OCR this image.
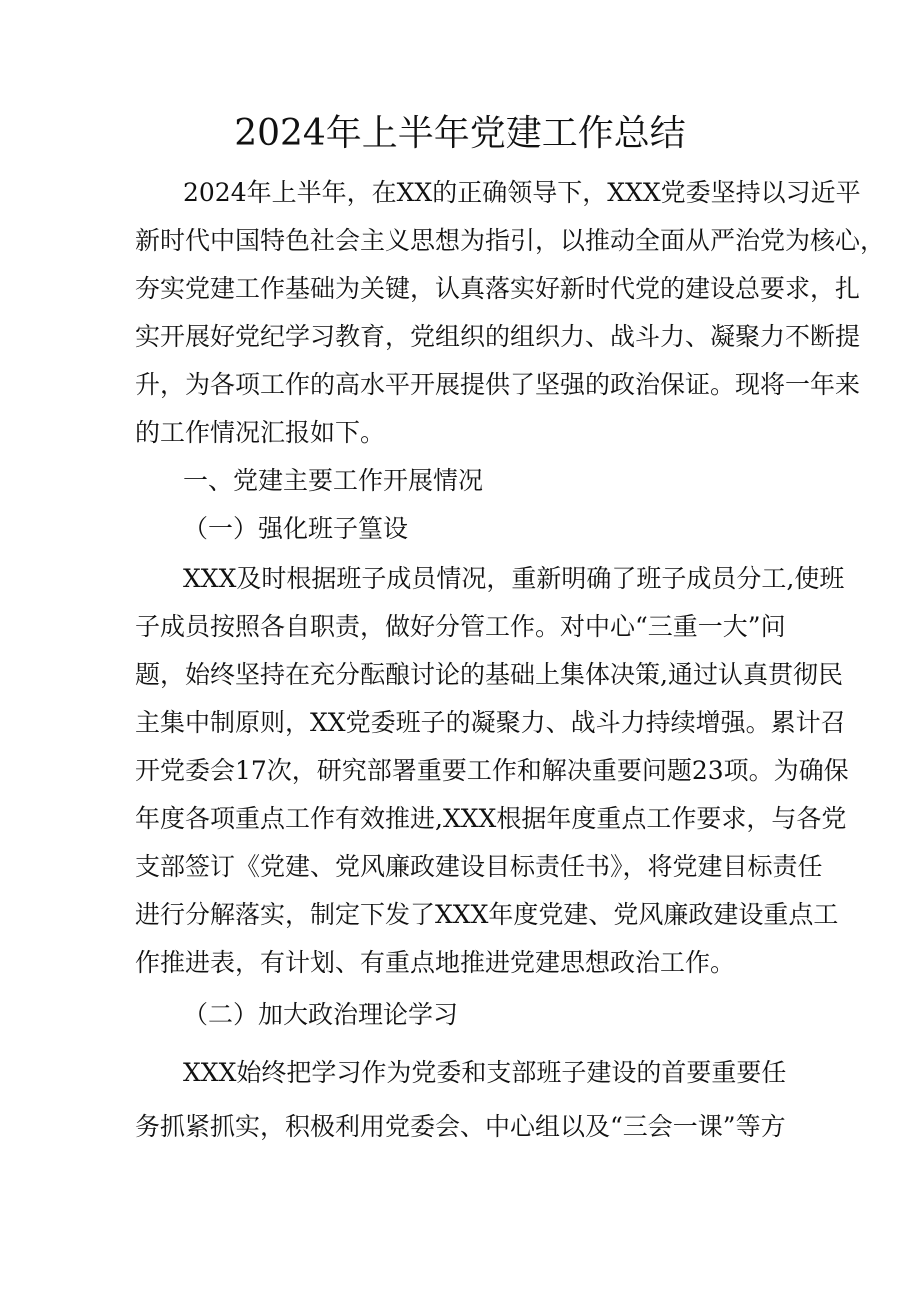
2024年上半年党建工作总结

2024年上半年，在XX的正确领导下，XXX党委坚持以习近平

新时代中国特色社会主义思想为指引，以推动全面从严治党为核心，

夯实党建工作基础为关键，认真落实好新时代党的建设总要求，扎

实开展好党纪学习教育，党组织的组织力、战斗力、凝聚力不断提

升，为各项工作的高水平开展提供了坚强的政治保证。现将一年来

的工作情况汇报如下。

一、党建主要工作开展情况

（一）强化班子篁设

XXX及时根据班子成员情况，重新明确了班子成员分工,使班

子成员按照各自职责，做好分管工作。对中心“三重一大”问

题，始终坚持在充分酝酿讨论的基础上集体决策,通过认真贯彻民

主集中制原则，XX党委班子的凝聚力、战斗力持续增强。累计召

开党委会17次，研究部署重要工作和解决重要问题23项。为确保

年度各项重点工作有效推进,XXX根据年度重点工作要求，与各党

支部签订《党建、党风廉政建设目标责任书》，将党建目标责任

进行分解落实，制定下发了XXX年度党建、党风廉政建设重点工

作推进表，有计划、有重点地推进党建思想政治工作。

（二）加大政治理论学习

XXX始终把学习作为党委和支部班子建设的首要重要任

务抓紧抓实，积极利用党委会、中心组以及“三会一课”等方
